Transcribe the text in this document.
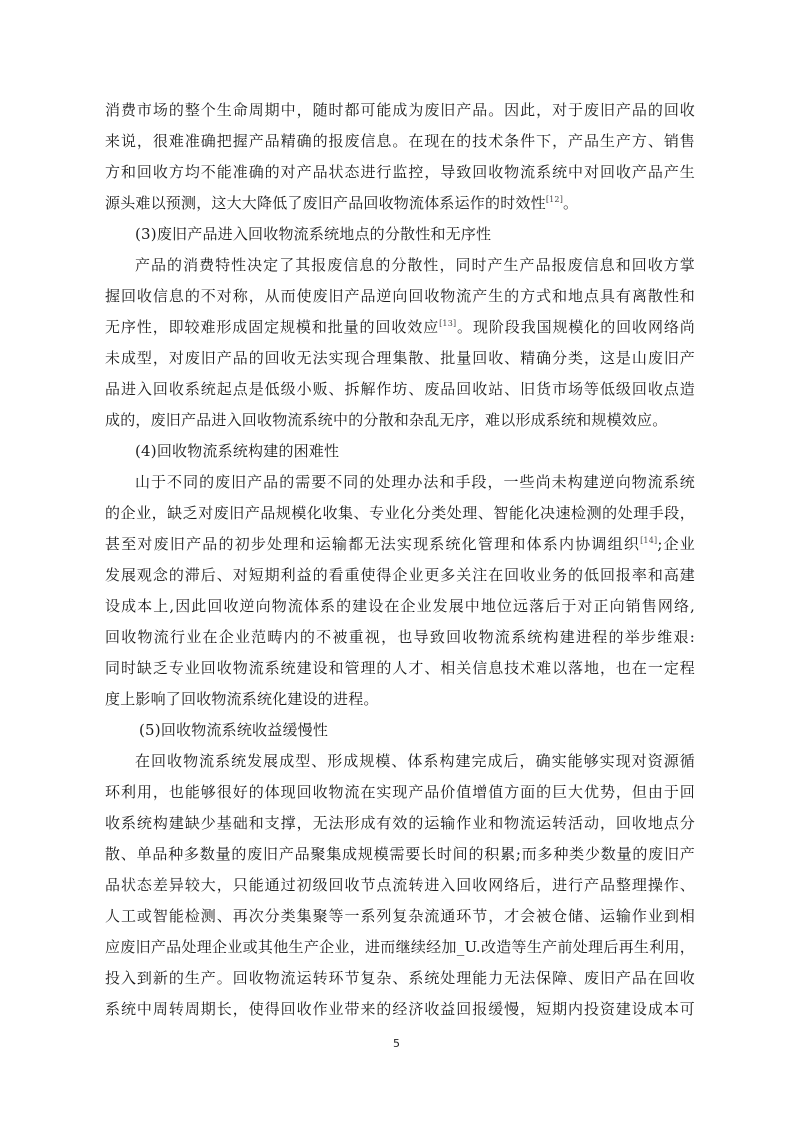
消费市场的整个生命周期中，随时都可能成为废旧产品。因此，对于废旧产品的回收
来说，很难准确把握产品精确的报废信息。在现在的技术条件下，产品生产方、销售
方和回收方均不能准确的对产品状态进行监控，导致回收物流系统中对回收产品产生
源头难以预测，这大大降低了废旧产品回收物流体系运作的时效性[12]。
(3)废旧产品进入回收物流系统地点的分散性和无序性
产品的消费特性决定了其报废信息的分散性，同时产生产品报废信息和回收方掌
握回收信息的不对称，从而使废旧产品逆向回收物流产生的方式和地点具有离散性和
无序性，即较难形成固定规模和批量的回收效应[13]。现阶段我国规模化的回收网络尚
未成型，对废旧产品的回收无法实现合理集散、批量回收、精确分类，这是山废旧产
品进入回收系统起点是低级小贩、拆解作坊、废品回收站、旧货市场等低级回收点造
成的，废旧产品进入回收物流系统中的分散和杂乱无序，难以形成系统和规模效应。
(4)回收物流系统构建的困难性
山于不同的废旧产品的需要不同的处理办法和手段，一些尚未构建逆向物流系统
的企业，缺乏对废旧产品规模化收集、专业化分类处理、智能化决速检测的处理手段，
甚至对废旧产品的初步处理和运输都无法实现系统化管理和体系内协调组织[14];企业
发展观念的滞后、对短期利益的看重使得企业更多关注在回收业务的低回报率和高建
设成本上,因此回收逆向物流体系的建设在企业发展中地位远落后于对正向销售网络,
回收物流行业在企业范畴内的不被重视，也导致回收物流系统构建进程的举步维艰:
同时缺乏专业回收物流系统建设和管理的人才、相关信息技术难以落地，也在一定程
度上影响了回收物流系统化建设的进程。
(5)回收物流系统收益缓慢性
在回收物流系统发展成型、形成规模、体系构建完成后，确实能够实现对资源循
环利用，也能够很好的体现回收物流在实现产品价值增值方面的巨大优势，但由于回
收系统构建缺少基础和支撑，无法形成有效的运输作业和物流运转活动，回收地点分
散、单品种多数量的废旧产品聚集成规模需要长时间的积累;而多种类少数量的废旧产
品状态差异较大，只能通过初级回收节点流转进入回收网络后，进行产品整理操作、
人工或智能检测、再次分类集聚等一系列复杂流通环节，才会被仓储、运输作业到相
应废旧产品处理企业或其他生产企业，进而继续经加_U.改造等生产前处理后再生利用，
投入到新的生产。回收物流运转环节复杂、系统处理能力无法保障、废旧产品在回收
系统中周转周期长，使得回收作业带来的经济收益回报缓慢，短期内投资建设成本可
5
